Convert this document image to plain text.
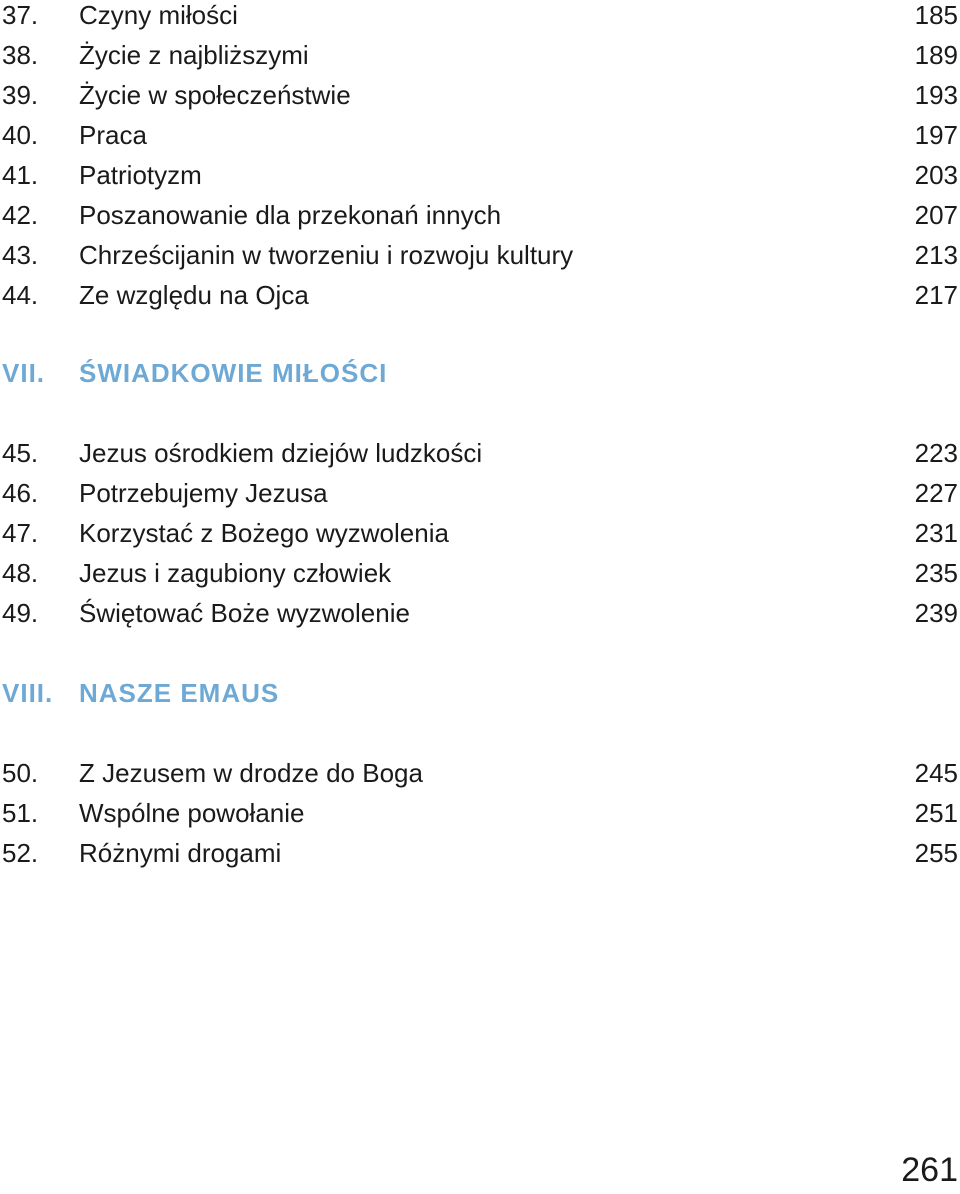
37.	Czyny miłości	185
38.	Życie z najbliższymi	189
39.	Życie w społeczeństwie	193
40.	Praca	197
41.	Patriotyzm	203
42.	Poszanowanie dla przekonań innych	207
43.	Chrześcijanin w tworzeniu i rozwoju kultury	213
44.	Ze względu na Ojca	217
VII.	ŚWIADKOWIE MIŁOŚCI
45.	Jezus ośrodkiem dziejów ludzkości	223
46.	Potrzebujemy Jezusa	227
47.	Korzystać z Bożego wyzwolenia	231
48.	Jezus i zagubiony człowiek	235
49.	Świętować Boże wyzwolenie	239
VIII. NASZE EMAUS
50.	Z Jezusem w drodze do Boga	245
51.	Wspólne powołanie	251
52.	Różnymi drogami	255
261
